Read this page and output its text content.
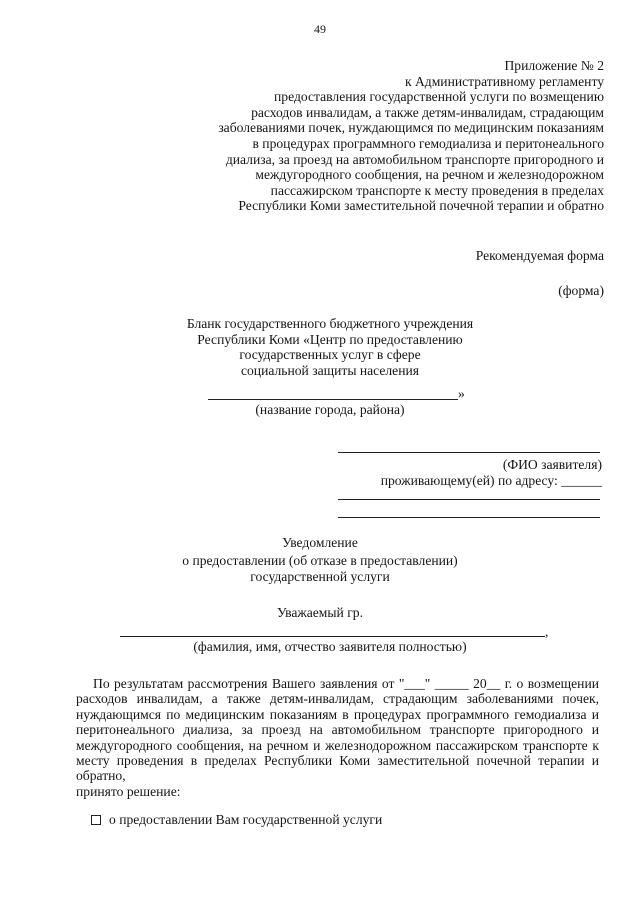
49
Приложение № 2
к Административному регламенту
предоставления государственной услуги по возмещению
расходов инвалидам, а также детям-инвалидам, страдающим
заболеваниями почек, нуждающимся по медицинским показаниям
в процедурах программного гемодиализа и перитонеального
диализа, за проезд на автомобильном транспорте пригородного и
междугородного сообщения, на речном и железнодорожном
пассажирском транспорте к месту проведения в пределах
Республики Коми заместительной почечной терапии и обратно
Рекомендуемая форма
(форма)
Бланк государственного бюджетного учреждения
Республики Коми «Центр по предоставлению
государственных услуг в сфере
социальной защиты населения
»
(название города, района)
(ФИО заявителя)
проживающему(ей) по адресу: ______
Уведомление
о предоставлении (об отказе в предоставлении)
государственной услуги
Уважаемый гр.
,
(фамилия, имя, отчество заявителя полностью)
По результатам рассмотрения Вашего заявления от "___" _____ 20__ г. о возмещении расходов инвалидам, а также детям-инвалидам, страдающим заболеваниями почек, нуждающимся по медицинским показаниям в процедурах программного гемодиализа и перитонеального диализа, за проезд на автомобильном транспорте пригородного и междугородного сообщения, на речном и железнодорожном пассажирском транспорте к месту проведения в пределах Республики Коми заместительной почечной терапии и обратно,
принято решение:
о предоставлении Вам государственной услуги
